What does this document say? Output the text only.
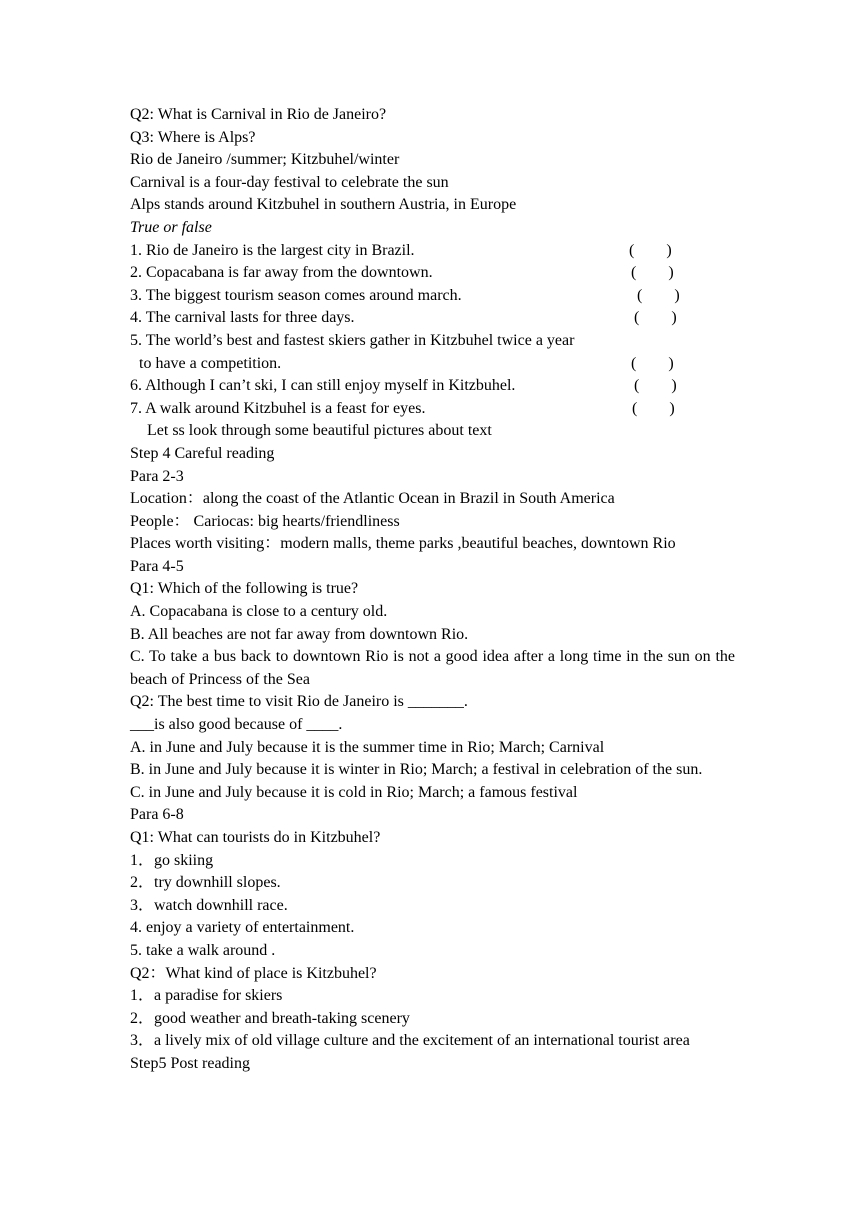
Q2: What is Carnival in Rio de Janeiro?
Q3: Where is Alps?
Rio de Janeiro /summer; Kitzbuhel/winter
Carnival is a four-day festival to celebrate the sun
Alps stands around Kitzbuhel in southern Austria, in Europe
True or false
1. Rio de Janeiro is the largest city in Brazil.	(        )
2. Copacabana is far away from the downtown.	(        )
3. The biggest tourism season comes around march.	(        )
4. The carnival lasts for three days.	(        )
5. The world’s best and fastest skiers gather in Kitzbuhel twice a year
to have a competition.	(        )
6. Although I can’t ski, I can still enjoy myself in Kitzbuhel.	(        )
7. A walk around Kitzbuhel is a feast for eyes.	(        )
Let ss look through some beautiful pictures about text
Step 4 Careful reading
Para 2-3
Location：along the coast of the Atlantic Ocean in Brazil in South America
People： Cariocas: big hearts/friendliness
Places worth visiting：modern malls, theme parks ,beautiful beaches, downtown Rio
Para 4-5
Q1: Which of the following is true?
A. Copacabana is close to a century old.
B. All beaches are not far away from downtown Rio.
C. To take a bus back to downtown Rio is not a good idea after a long time in the sun on the beach of Princess of the Sea
Q2: The best time to visit Rio de Janeiro is _______.
___is also good because of ____.
A. in June and July because it is the summer time in Rio; March; Carnival
B. in June and July because it is winter in Rio; March; a festival in celebration of the sun.
C. in June and July because it is cold in Rio; March; a famous festival
Para 6-8
Q1: What can tourists do in Kitzbuhel?
1．go skiing
2．try downhill slopes.
3．watch downhill race.
4. enjoy a variety of entertainment.
5. take a walk around .
Q2：What kind of place is Kitzbuhel?
1．a paradise for skiers
2．good weather and breath-taking scenery
3．a lively mix of old village culture and the excitement of an international tourist area
Step5 Post reading
